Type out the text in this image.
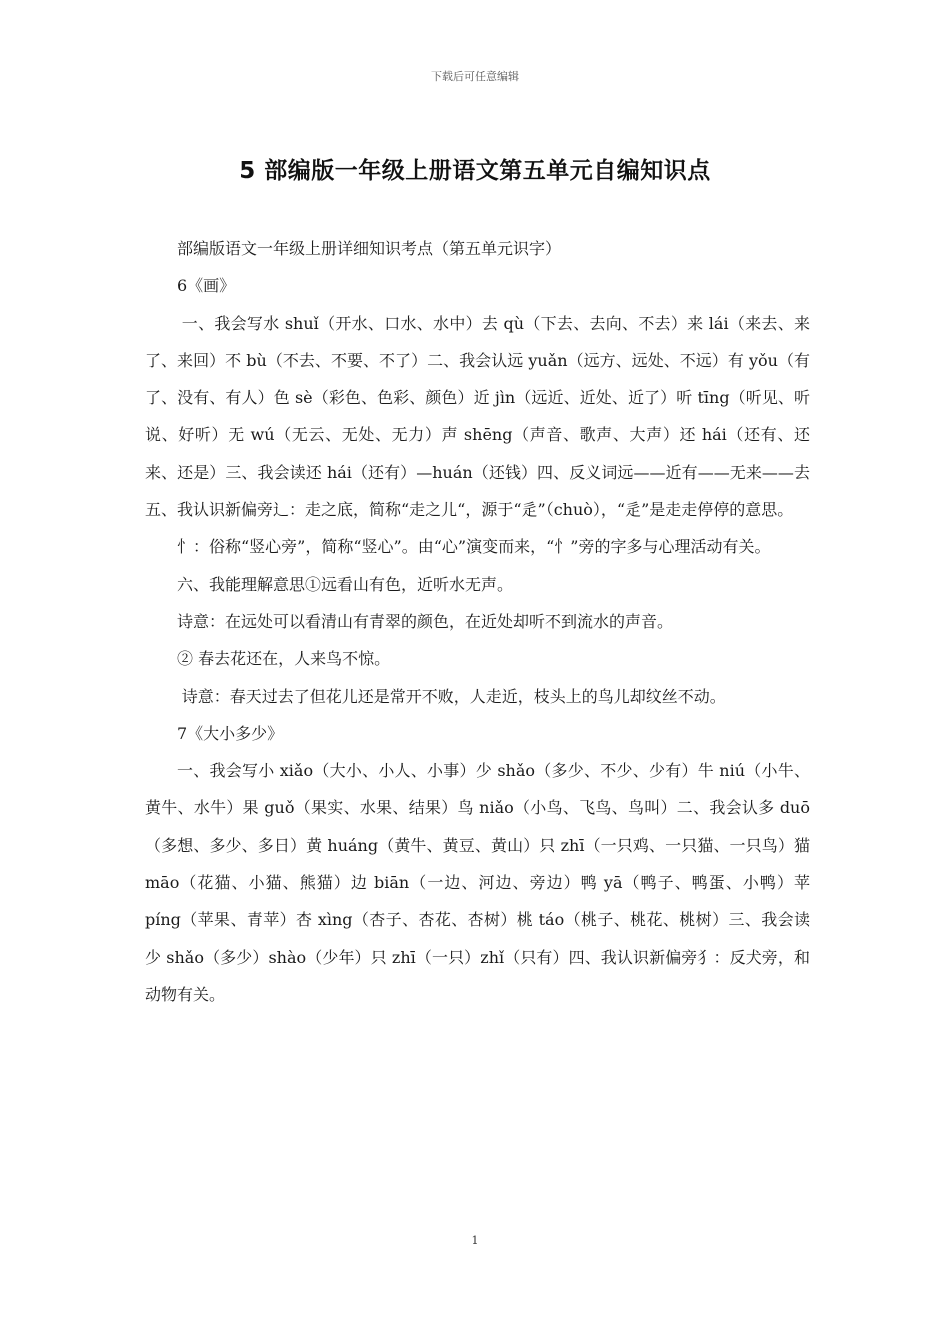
下载后可任意编辑
5 部编版一年级上册语文第五单元自编知识点

部编版语文一年级上册详细知识考点（第五单元识字）

6《画》

一、我会写水 shuǐ（开水、口水、水中）去 qù（下去、去向、不去）来 lái（来去、来了、来回）不 bù（不去、不要、不了）二、我会认远 yuǎn（远方、远处、不远）有 yǒu（有了、没有、有人）色 sè（彩色、色彩、颜色）近 jìn（远近、近处、近了）听 tīng（听见、听说、好听）无 wú（无云、无处、无力）声 shēng（声音、歌声、大声）还 hái（还有、还来、还是）三、我会读还 hái（还有）—huán（还钱）四、反义词远——近有——无来——去五、我认识新偏旁辶：走之底，简称“走之儿“，源于“辵”（chuò），“辵”是走走停停的意思。

忄：俗称“竖心旁”，简称“竖心”。由“心”演变而来，“忄”旁的字多与心理活动有关。

六、我能理解意思①远看山有色，近听水无声。

诗意：在远处可以看清山有青翠的颜色，在近处却听不到流水的声音。

② 春去花还在，人来鸟不惊。

诗意：春天过去了但花儿还是常开不败，人走近，枝头上的鸟儿却纹丝不动。

7《大小多少》

一、我会写小 xiǎo（大小、小人、小事）少 shǎo（多少、不少、少有）牛 niú（小牛、黄牛、水牛）果 guǒ（果实、水果、结果）鸟 niǎo（小鸟、飞鸟、鸟叫）二、我会认多 duō（多想、多少、多日）黄 huáng（黄牛、黄豆、黄山）只 zhī（一只鸡、一只猫、一只鸟）猫 māo（花猫、小猫、熊猫）边 biān（一边、河边、旁边）鸭 yā（鸭子、鸭蛋、小鸭）苹 píng（苹果、青苹）杏 xìng（杏子、杏花、杏树）桃 táo（桃子、桃花、桃树）三、我会读少 shǎo（多少）shào（少年）只 zhī（一只）zhǐ（只有）四、我认识新偏旁犭：反犬旁，和动物有关。

1
